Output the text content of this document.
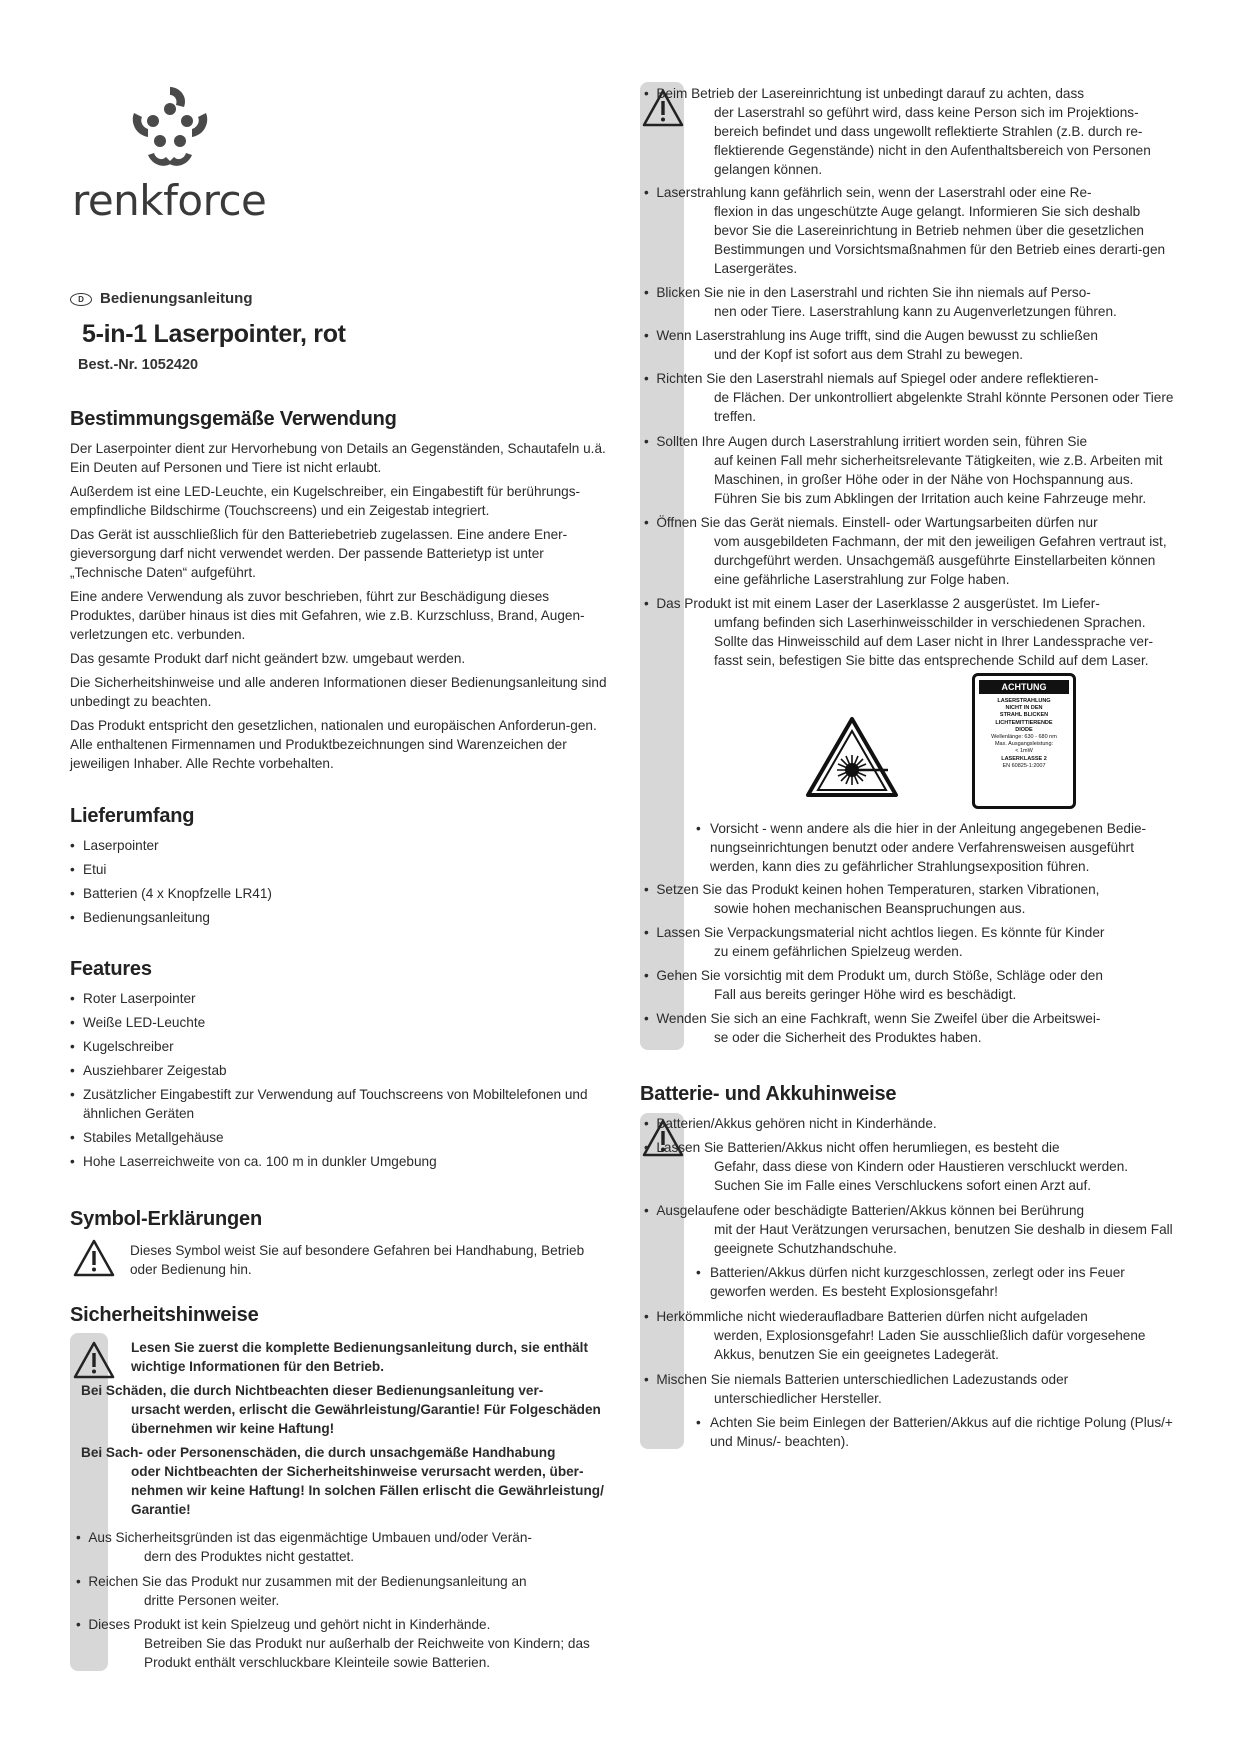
renkforce
D Bedienungsanleitung
5-in-1 Laserpointer, rot
Best.-Nr. 1052420
Bestimmungsgemäße Verwendung

Der Laserpointer dient zur Hervorhebung von Details an Gegenständen, Schautafeln u.ä. Ein Deuten auf Personen und Tiere ist nicht erlaubt.

Außerdem ist eine LED-Leuchte, ein Kugelschreiber, ein Eingabestift für berührungs-empfindliche Bildschirme (Touchscreens) und ein Zeigestab integriert.

Das Gerät ist ausschließlich für den Batteriebetrieb zugelassen. Eine andere Ener-gieversorgung darf nicht verwendet werden. Der passende Batterietyp ist unter „Technische Daten“ aufgeführt.

Eine andere Verwendung als zuvor beschrieben, führt zur Beschädigung dieses Produktes, darüber hinaus ist dies mit Gefahren, wie z.B. Kurzschluss, Brand, Augen-verletzungen etc. verbunden.

Das gesamte Produkt darf nicht geändert bzw. umgebaut werden.

Die Sicherheitshinweise und alle anderen Informationen dieser Bedienungsanleitung sind unbedingt zu beachten.

Das Produkt entspricht den gesetzlichen, nationalen und europäischen Anforderun-gen. Alle enthaltenen Firmennamen und Produktbezeichnungen sind Warenzeichen der jeweiligen Inhaber. Alle Rechte vorbehalten.

Lieferumfang
• Laserpointer
• Etui
• Batterien (4 x Knopfzelle LR41)
• Bedienungsanleitung
Features
• Roter Laserpointer
• Weiße LED-Leuchte
• Kugelschreiber
• Ausziehbarer Zeigestab
• Zusätzlicher Eingabestift zur Verwendung auf Touchscreens von Mobiltelefonen und ähnlichen Geräten
• Stabiles Metallgehäuse
• Hohe Laserreichweite von ca. 100 m in dunkler Umgebung
Symbol-Erklärungen

Dieses Symbol weist Sie auf besondere Gefahren bei Handhabung, Betrieb oder Bedienung hin.

Sicherheitshinweise

Lesen Sie zuerst die komplette Bedienungsanleitung durch, sie enthält wichtige Informationen für den Betrieb.

Bei Schäden, die durch Nichtbeachten dieser Bedienungsanleitung ver-
ursacht werden, erlischt die Gewährleistung/Garantie! Für Folgeschäden übernehmen wir keine Haftung!
Bei Sach- oder Personenschäden, die durch unsachgemäße Handhabung
oder Nichtbeachten der Sicherheitshinweise verursacht werden, über-nehmen wir keine Haftung! In solchen Fällen erlischt die Gewährleistung/ Garantie!
•  Aus Sicherheitsgründen ist das eigenmächtige Umbauen und/oder Verän-
dern des Produktes nicht gestattet.
•  Reichen Sie das Produkt nur zusammen mit der Bedienungsanleitung an
dritte Personen weiter.
•  Dieses Produkt ist kein Spielzeug und gehört nicht in Kinderhände.
Betreiben Sie das Produkt nur außerhalb der Reichweite von Kindern; das Produkt enthält verschluckbare Kleinteile sowie Batterien.
•  Beim Betrieb der Lasereinrichtung ist unbedingt darauf zu achten, dass
der Laserstrahl so geführt wird, dass keine Person sich im Projektions-bereich befindet und dass ungewollt reflektierte Strahlen (z.B. durch re-flektierende Gegenstände) nicht in den Aufenthaltsbereich von Personen gelangen können.
•  Laserstrahlung kann gefährlich sein, wenn der Laserstrahl oder eine Re-
flexion in das ungeschützte Auge gelangt. Informieren Sie sich deshalb bevor Sie die Lasereinrichtung in Betrieb nehmen über die gesetzlichen Bestimmungen und Vorsichtsmaßnahmen für den Betrieb eines derarti-gen Lasergerätes.
•  Blicken Sie nie in den Laserstrahl und richten Sie ihn niemals auf Perso-
nen oder Tiere. Laserstrahlung kann zu Augenverletzungen führen.
•  Wenn Laserstrahlung ins Auge trifft, sind die Augen bewusst zu schließen
und der Kopf ist sofort aus dem Strahl zu bewegen.
•  Richten Sie den Laserstrahl niemals auf Spiegel oder andere reflektieren-
de Flächen. Der unkontrolliert abgelenkte Strahl könnte Personen oder Tiere treffen.
•  Sollten Ihre Augen durch Laserstrahlung irritiert worden sein, führen Sie
auf keinen Fall mehr sicherheitsrelevante Tätigkeiten, wie z.B. Arbeiten mit Maschinen, in großer Höhe oder in der Nähe von Hochspannung aus. Führen Sie bis zum Abklingen der Irritation auch keine Fahrzeuge mehr.
•  Öffnen Sie das Gerät niemals. Einstell- oder Wartungsarbeiten dürfen nur
vom ausgebildeten Fachmann, der mit den jeweiligen Gefahren vertraut ist, durchgeführt werden. Unsachgemäß ausgeführte Einstellarbeiten können eine gefährliche Laserstrahlung zur Folge haben.
•  Das Produkt ist mit einem Laser der Laserklasse 2 ausgerüstet. Im Liefer-
umfang befinden sich Laserhinweisschilder in verschiedenen Sprachen. Sollte das Hinweisschild auf dem Laser nicht in Ihrer Landessprache ver-fasst sein, befestigen Sie bitte das entsprechende Schild auf dem Laser.
ACHTUNG
LASERSTRAHLUNG
NICHT IN DEN
STRAHL BLICKEN
LICHTEMITTIERENDE
DIODE
Wellenlänge: 630 - 680 nm
Max. Ausgangsleistung:
< 1mW
LASERKLASSE 2
EN 60825-1:2007
• Vorsicht - wenn andere als die hier in der Anleitung angegebenen Bedie-nungseinrichtungen benutzt oder andere Verfahrensweisen ausgeführt werden, kann dies zu gefährlicher Strahlungsexposition führen.
•  Setzen Sie das Produkt keinen hohen Temperaturen, starken Vibrationen,
sowie hohen mechanischen Beanspruchungen aus.
•  Lassen Sie Verpackungsmaterial nicht achtlos liegen. Es könnte für Kinder
zu einem gefährlichen Spielzeug werden.
•  Gehen Sie vorsichtig mit dem Produkt um, durch Stöße, Schläge oder den
Fall aus bereits geringer Höhe wird es beschädigt.
•  Wenden Sie sich an eine Fachkraft, wenn Sie Zweifel über die Arbeitswei-
se oder die Sicherheit des Produktes haben.
Batterie- und Akkuhinweise
•  Batterien/Akkus gehören nicht in Kinderhände.
•  Lassen Sie Batterien/Akkus nicht offen herumliegen, es besteht die
Gefahr, dass diese von Kindern oder Haustieren verschluckt werden. Suchen Sie im Falle eines Verschluckens sofort einen Arzt auf.
•  Ausgelaufene oder beschädigte Batterien/Akkus können bei Berührung
mit der Haut Verätzungen verursachen, benutzen Sie deshalb in diesem Fall geeignete Schutzhandschuhe.
• Batterien/Akkus dürfen nicht kurzgeschlossen, zerlegt oder ins Feuer geworfen werden. Es besteht Explosionsgefahr!
•  Herkömmliche nicht wiederaufladbare Batterien dürfen nicht aufgeladen
werden, Explosionsgefahr! Laden Sie ausschließlich dafür vorgesehene Akkus, benutzen Sie ein geeignetes Ladegerät.
•  Mischen Sie niemals Batterien unterschiedlichen Ladezustands oder
unterschiedlicher Hersteller.
• Achten Sie beim Einlegen der Batterien/Akkus auf die richtige Polung (Plus/+ und Minus/- beachten).
